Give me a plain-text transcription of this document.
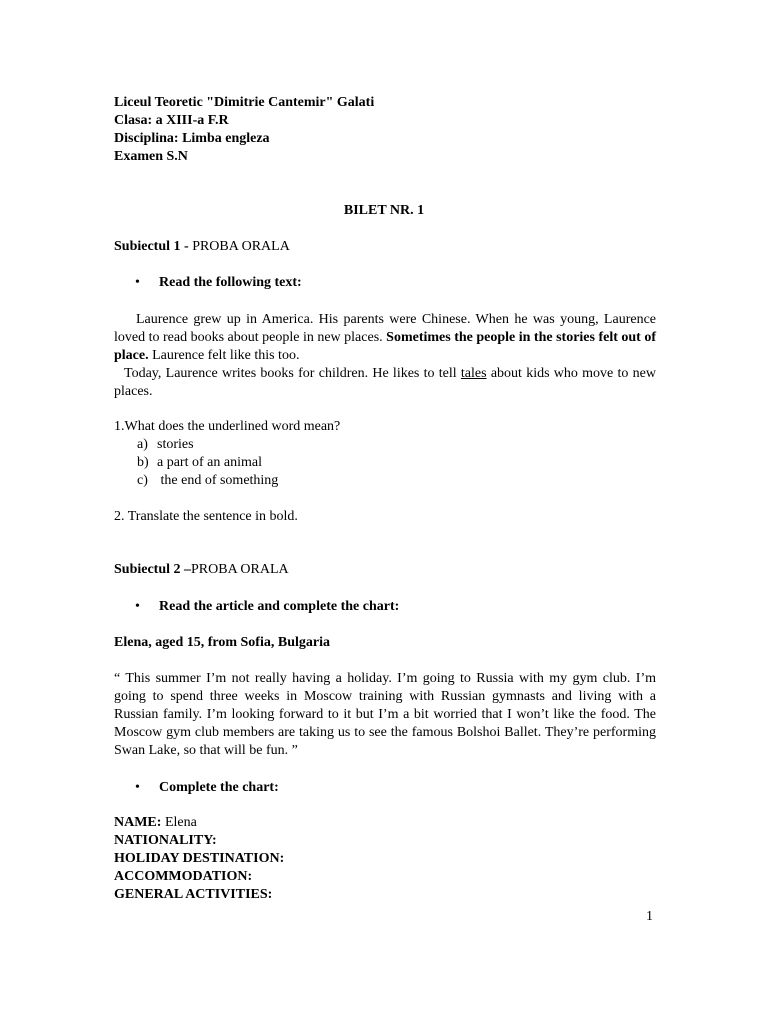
Liceul Teoretic "Dimitrie Cantemir" Galati
Clasa: a XIII-a F.R
Disciplina: Limba engleza
Examen S.N
BILET NR. 1
Subiectul 1 - PROBA ORALA
• Read the following text:

Laurence grew up in America. His parents were Chinese. When he was young, Laurence loved to read books about people in new places. Sometimes the people in the stories felt out of place. Laurence felt like this too.

Today, Laurence writes books for children. He likes to tell tales about kids who move to new places.

1.What does the underlined word mean?
a) stories
b) a part of an animal
c) the end of something
2. Translate the sentence in bold.
Subiectul 2 –PROBA ORALA
• Read the article and complete the chart:
Elena, aged 15, from Sofia, Bulgaria

“ This summer I’m not really having a holiday. I’m going to Russia with my gym club. I’m going to spend three weeks in Moscow training with Russian gymnasts and living with a Russian family. I’m looking forward to it but I’m a bit worried that I won’t like the food. The Moscow gym club members are taking us to see the famous Bolshoi Ballet. They’re performing Swan Lake, so that will be fun. ”

• Complete the chart:
NAME: Elena
NATIONALITY:
HOLIDAY DESTINATION:
ACCOMMODATION:
GENERAL ACTIVITIES:
1
